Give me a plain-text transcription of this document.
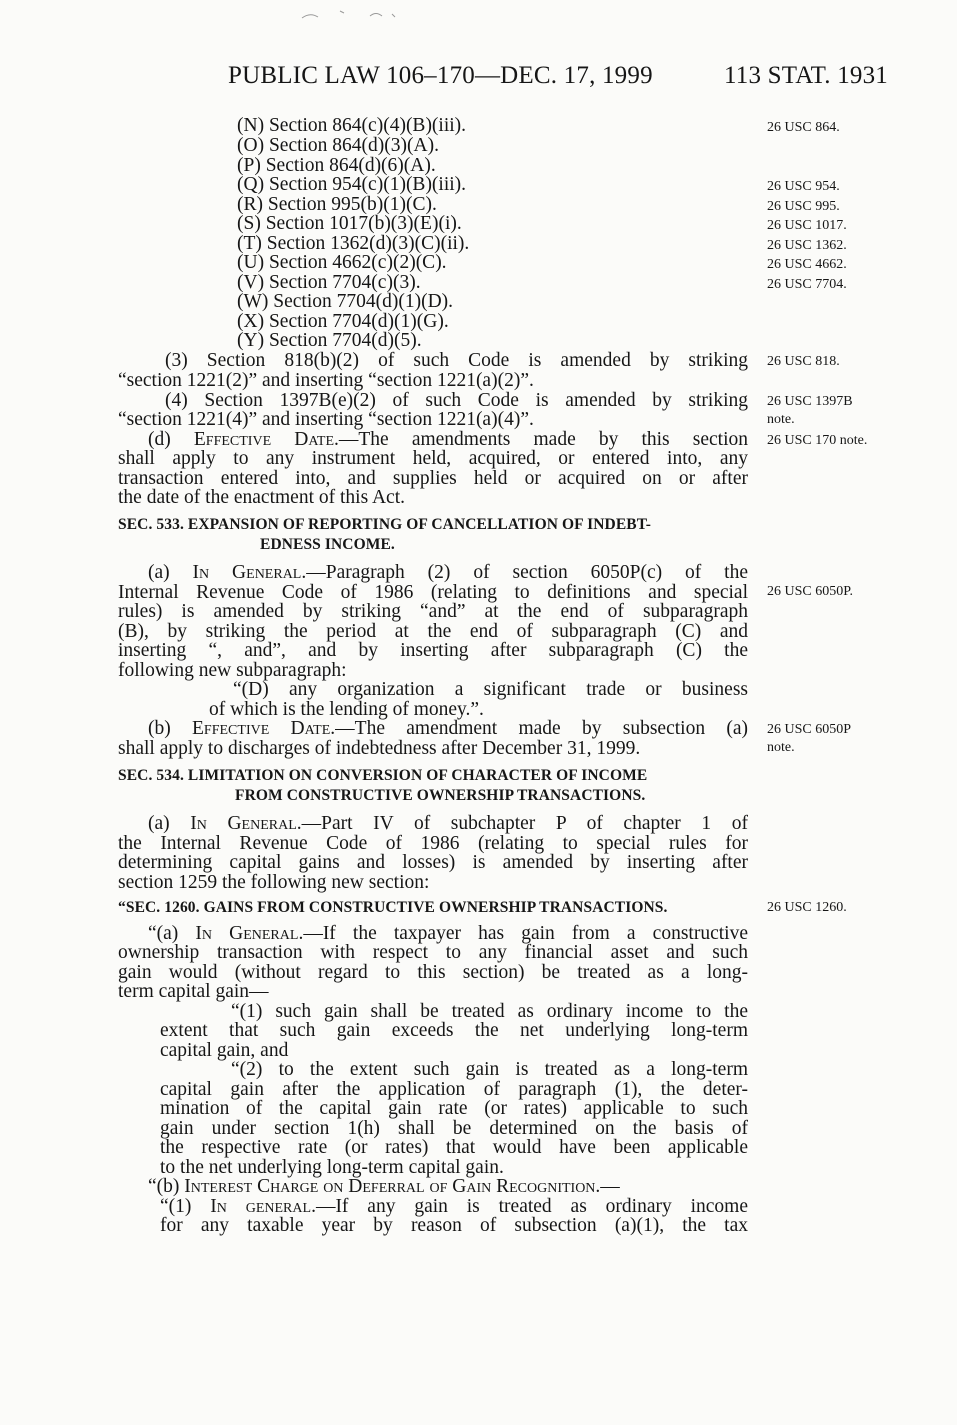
PUBLIC LAW 106–170—DEC. 17, 1999	113 STAT. 1931
(N) Section 864(c)(4)(B)(iii).
(O) Section 864(d)(3)(A).
(P) Section 864(d)(6)(A).
(Q) Section 954(c)(1)(B)(iii).
(R) Section 995(b)(1)(C).
(S) Section 1017(b)(3)(E)(i).
(T) Section 1362(d)(3)(C)(ii).
(U) Section 4662(c)(2)(C).
(V) Section 7704(c)(3).
(W) Section 7704(d)(1)(D).
(X) Section 7704(d)(1)(G).
(Y) Section 7704(d)(5).
(3) Section 818(b)(2) of such Code is amended by striking
“section 1221(2)” and inserting “section 1221(a)(2)”.
(4) Section 1397B(e)(2) of such Code is amended by striking
“section 1221(4)” and inserting “section 1221(a)(4)”.
(d) Effective Date.—The amendments made by this section
shall apply to any instrument held, acquired, or entered into, any
transaction entered into, and supplies held or acquired on or after
the date of the enactment of this Act.
SEC. 533. EXPANSION OF REPORTING OF CANCELLATION OF INDEBT-
EDNESS INCOME.
(a) In General.—Paragraph (2) of section 6050P(c) of the
Internal Revenue Code of 1986 (relating to definitions and special
rules) is amended by striking “and” at the end of subparagraph
(B), by striking the period at the end of subparagraph (C) and
inserting “, and”, and by inserting after subparagraph (C) the
following new subparagraph:
“(D) any organization a significant trade or business
of which is the lending of money.”.
(b) Effective Date.—The amendment made by subsection (a)
shall apply to discharges of indebtedness after December 31, 1999.
SEC. 534. LIMITATION ON CONVERSION OF CHARACTER OF INCOME
FROM CONSTRUCTIVE OWNERSHIP TRANSACTIONS.
(a) In General.—Part IV of subchapter P of chapter 1 of
the Internal Revenue Code of 1986 (relating to special rules for
determining capital gains and losses) is amended by inserting after
section 1259 the following new section:
“SEC. 1260. GAINS FROM CONSTRUCTIVE OWNERSHIP TRANSACTIONS.
“(a) In General.—If the taxpayer has gain from a constructive
ownership transaction with respect to any financial asset and such
gain would (without regard to this section) be treated as a long-
term capital gain—
“(1) such gain shall be treated as ordinary income to the
extent that such gain exceeds the net underlying long-term
capital gain, and
“(2) to the extent such gain is treated as a long-term
capital gain after the application of paragraph (1), the deter-
mination of the capital gain rate (or rates) applicable to such
gain under section 1(h) shall be determined on the basis of
the respective rate (or rates) that would have been applicable
to the net underlying long-term capital gain.
“(b) Interest Charge on Deferral of Gain Recognition.—
“(1) In general.—If any gain is treated as ordinary income
for any taxable year by reason of subsection (a)(1), the tax
26 USC 864.
26 USC 954.
26 USC 995.
26 USC 1017.
26 USC 1362.
26 USC 4662.
26 USC 7704.
26 USC 818.
26 USC 1397B
note.
26 USC 170 note.
26 USC 6050P.
26 USC 6050P
note.
26 USC 1260.
